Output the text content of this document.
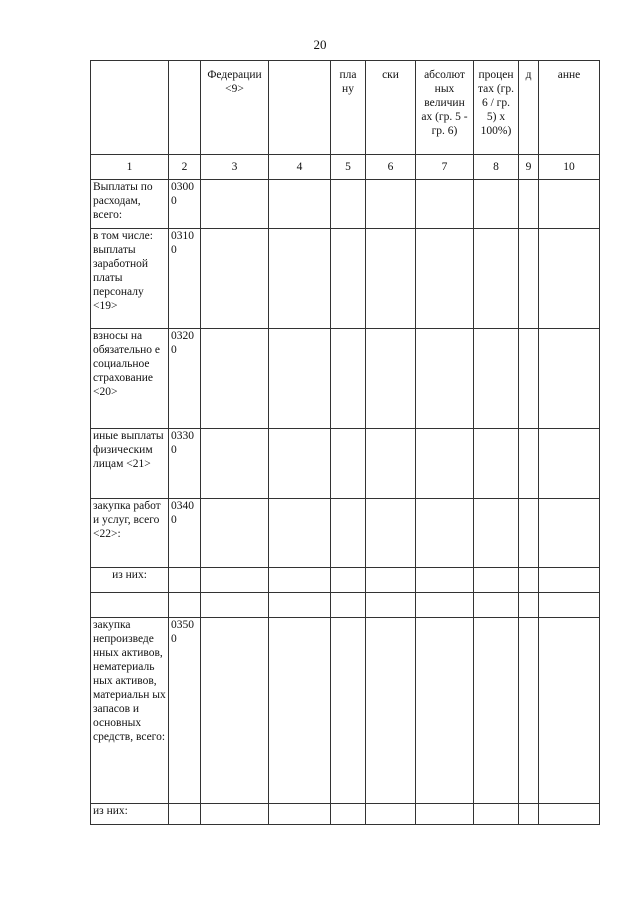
20
		Федерации <9>		пла ну	ски	абсолют ных величин ах (гр. 5 - гр. 6)	процен тах (гр. 6 / гр. 5) x 100%)	д	анне
1	2	3	4	5	6	7	8	9	10
Выплаты по расходам, всего:	0300 0								
в том числе: выплаты заработной платы персоналу <19>	0310 0								
взносы на обязательно е социальное страхование <20>	0320 0								
иные выплаты физическим лицам <21>	0330 0								
закупка работ и услуг, всего <22>:	0340 0								
из них:									

закупка непроизведе нных активов, нематериаль ных активов, материальн ых запасов и основных средств, всего:	0350 0								
из них:									
